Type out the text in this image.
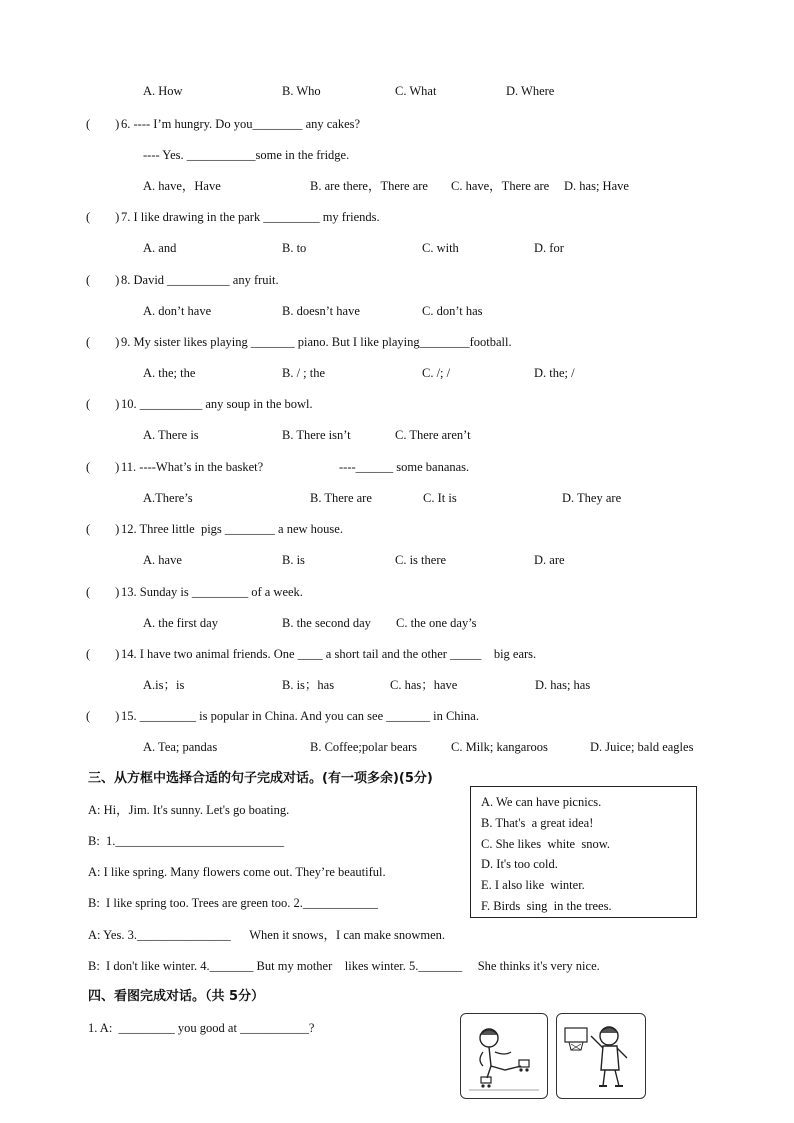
A. How	B. Who	C. What	D. Where
(        ) 6. ---- I’m hungry. Do you________ any cakes?
---- Yes. ___________some in the fridge.
A. have，Have	B. are there，There are C. have，There are D. has; Have
(        ) 7. I like drawing in the park _________ my friends.
A. and	B. to	C. with	D. for
(        ) 8. David __________ any fruit.
A. don’t have	B. doesn’t have	C. don’t has
(        ) 9. My sister likes playing _______ piano. But I like playing________football.
A. the; the	B. / ; the	C. /; /	D. the; /
(        ) 10. __________ any soup in the bowl.
A. There is	B. There isn’t	C. There aren’t
(        ) 11. ----What’s in the basket?	----______ some bananas.
A.There’s	B. There are	C. It is	D. They are
(        ) 12. Three little  pigs ________ a new house.
A. have	B. is	C. is there	D. are
(        ) 13. Sunday is _________ of a week.
A. the first day	B. the second day C. the one day’s
(        ) 14. I have two animal friends. One ____ a short tail and the other _____    big ears.
A.is；is	B. is；has	C. has；have	D. has; has
(        ) 15. _________ is popular in China. And you can see _______ in China.
A. Tea; pandas	B. Coffee;polar bears	C. Milk; kangaroos	D. Juice; bald eagles
三、从方框中选择合适的句子完成对话。(有一项多余)(5分)
A: Hi，Jim. It's sunny. Let's go boating.
B:  1.___________________________
A: I like spring. Many flowers come out. They’re beautiful.
B:  I like spring too. Trees are green too. 2.____________
A: Yes. 3._______________      When it snows，I can make snowmen.
B:  I don't like winter. 4._______ But my mother    likes winter. 5._______     She thinks it's very nice.
A. We can have picnics.
B. That's  a great idea!
C. She likes  white  snow.
D. It's too cold.
E. I also like  winter.
F. Birds  sing  in the trees.
四、看图完成对话。（共 5分）
1. A:  _________ you good at ___________?
